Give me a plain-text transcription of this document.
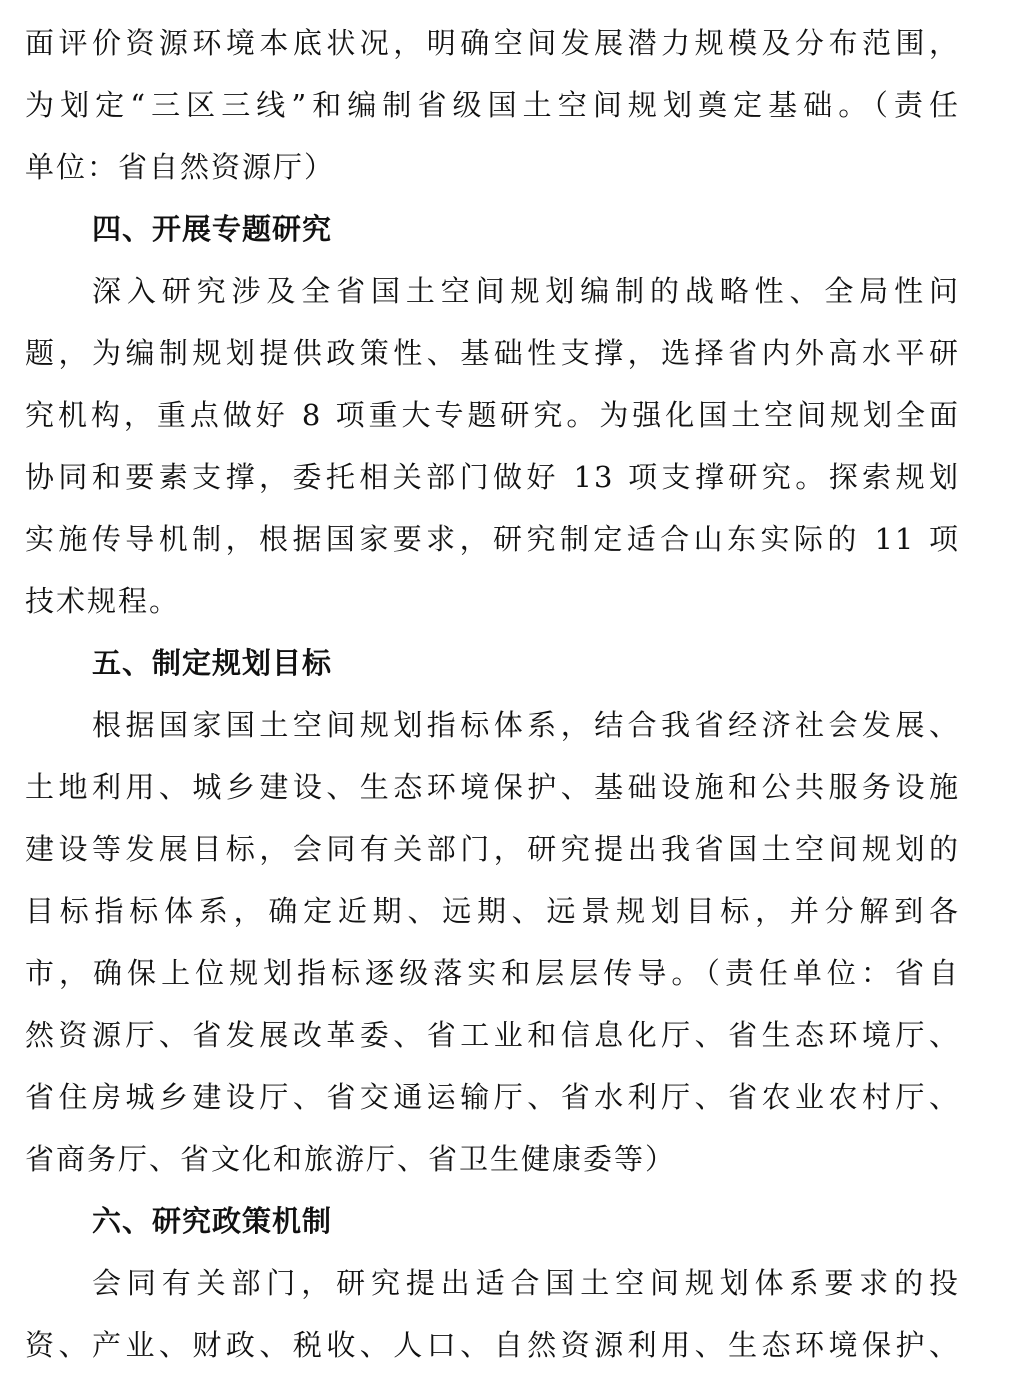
面评价资源环境本底状况，明确空间发展潜力规模及分布范围，
为划定“三区三线”和编制省级国土空间规划奠定基础。（责任
单位：省自然资源厅）
四、开展专题研究
深入研究涉及全省国土空间规划编制的战略性、全局性问
题，为编制规划提供政策性、基础性支撑，选择省内外高水平研
究机构，重点做好 8 项重大专题研究。为强化国土空间规划全面
协同和要素支撑，委托相关部门做好 13 项支撑研究。探索规划
实施传导机制，根据国家要求，研究制定适合山东实际的 11 项
技术规程。
五、制定规划目标
根据国家国土空间规划指标体系，结合我省经济社会发展、
土地利用、城乡建设、生态环境保护、基础设施和公共服务设施
建设等发展目标，会同有关部门，研究提出我省国土空间规划的
目标指标体系，确定近期、远期、远景规划目标，并分解到各
市，确保上位规划指标逐级落实和层层传导。（责任单位：省自
然资源厅、省发展改革委、省工业和信息化厅、省生态环境厅、
省住房城乡建设厅、省交通运输厅、省水利厅、省农业农村厅、
省商务厅、省文化和旅游厅、省卫生健康委等）
六、研究政策机制
会同有关部门，研究提出适合国土空间规划体系要求的投
资、产业、财政、税收、人口、自然资源利用、生态环境保护、
